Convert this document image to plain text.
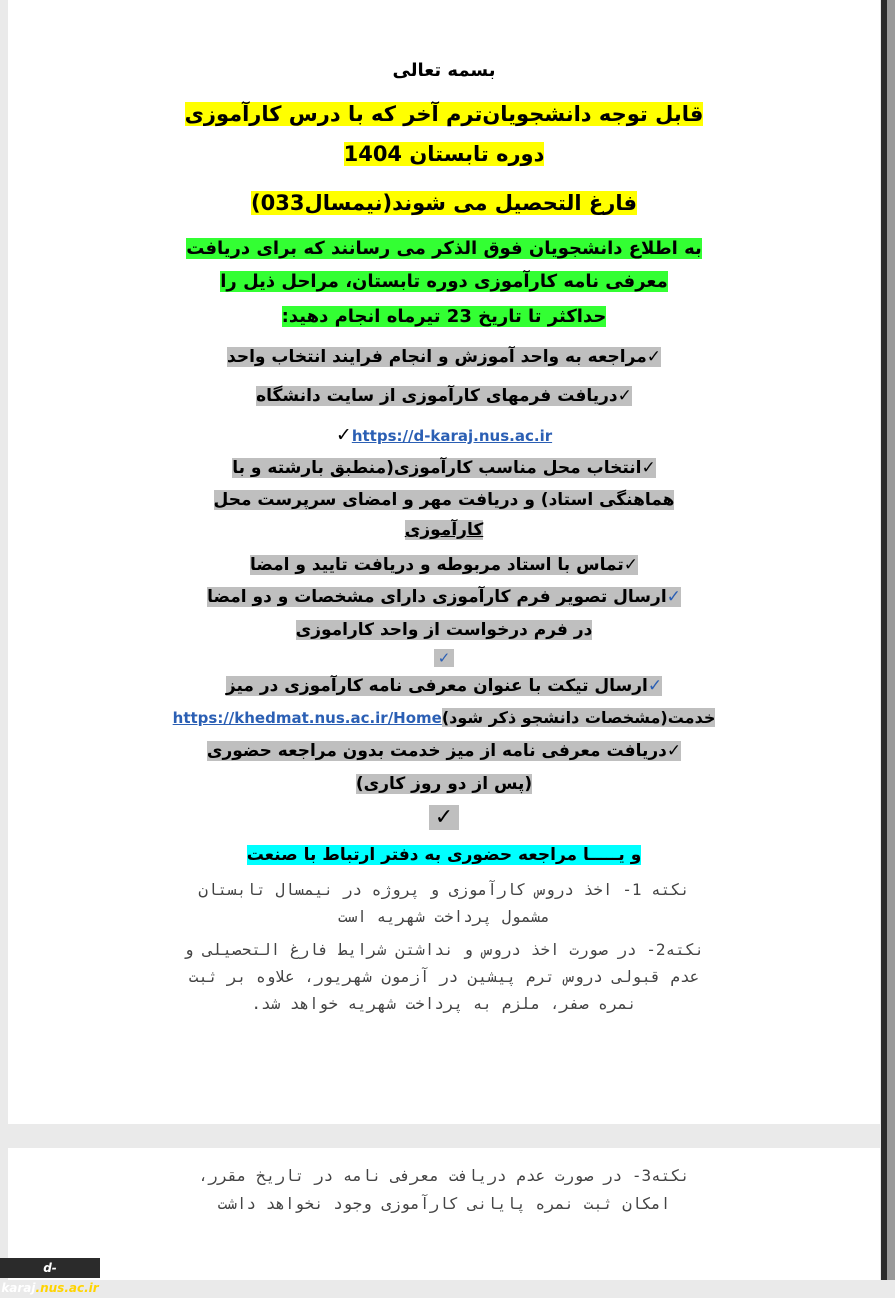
بسمه تعالی
قابل توجه دانشجویان‌ترم آخر که با درس کارآموزی
دوره تابستان 1404
فارغ التحصیل می شوند(نیمسال033)
به اطلاع دانشجویان فوق الذکر می رسانند که برای دریافت
معرفی نامه کارآموزی دوره تابستان، مراحل ذیل را
حداکثر تا تاریخ 23 تیرماه انجام دهید:
✓مراجعه به واحد آموزش و انجام فرایند انتخاب واحد
✓دریافت فرمهای کارآموزی از سایت دانشگاه
✓https://d-karaj.nus.ac.ir
✓انتخاب محل مناسب کارآموزی(منطبق بارشته و با
هماهنگی استاد) و دریافت مهر و امضای سرپرست محل
کارآموزی
✓تماس با استاد مربوطه و دریافت تایید و امضا
✓ارسال تصویر فرم کارآموزی دارای مشخصات و دو امضا
در فرم درخواست از واحد کاراموزی
✓
✓ارسال تیکت با عنوان معرفی نامه کارآموزی در میز
خدمت(مشخصات دانشجو ذکر شود)https://khedmat.nus.ac.ir/Home
✓دریافت معرفی نامه از میز خدمت بدون مراجعه حضوری
(پس از دو روز کاری)
✓
و یـــــا مراجعه حضوری به دفتر ارتباط با صنعت
نکته 1- اخذ دروس کارآموزی و پروژه در نیمسال تابستان
مشمول پرداخت شهریه است
نکته2- در صورت اخذ دروس و نداشتن شرایط فارغ التحصیلی و
عدم قبولی دروس ترم پیشین در آزمون شهریور، علاوه بر ثبت
نمره صفر، ملزم به پرداخت شهریه خواهد شد.
نکته3- در صورت عدم دریافت معرفی نامه در تاریخ مقرر،
امکان ثبت نمره پایانی کارآموزی وجود نخواهد داشت
d-karaj.nus.ac.ir
